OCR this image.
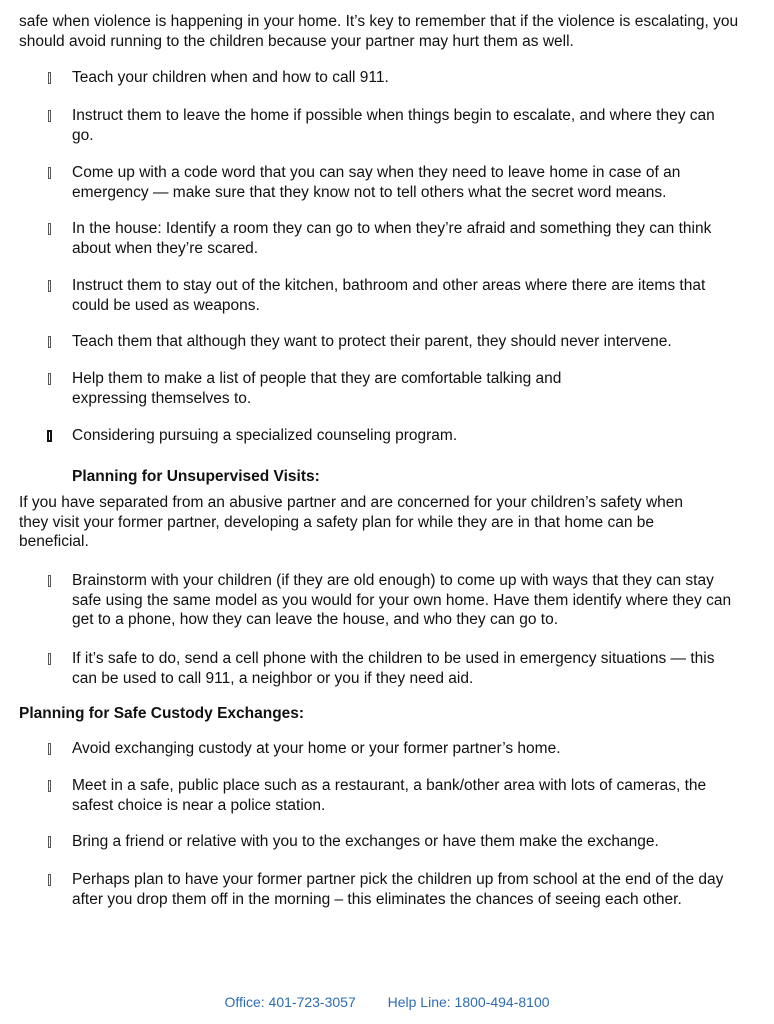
safe when violence is happening in your home. It’s key to remember that if the violence is escalating, you should avoid running to the children because your partner may hurt them as well.
Teach your children when and how to call 911.
Instruct them to leave the home if possible when things begin to escalate, and where they can go.
Come up with a code word that you can say when they need to leave home in case of an emergency — make sure that they know not to tell others what the secret word means.
In the house: Identify a room they can go to when they’re afraid and something they can think about when they’re scared.
Instruct them to stay out of the kitchen, bathroom and other areas where there are items that could be used as weapons.
Teach them that although they want to protect their parent, they should never intervene.
Help them to make a list of people that they are comfortable talking and expressing themselves to.
Considering pursuing a specialized counseling program.
Planning for Unsupervised Visits:
If you have separated from an abusive partner and are concerned for your children’s safety when they visit your former partner, developing a safety plan for while they are in that home can be beneficial.
Brainstorm with your children (if they are old enough) to come up with ways that they can stay safe using the same model as you would for your own home. Have them identify where they can get to a phone, how they can leave the house, and who they can go to.
If it’s safe to do, send a cell phone with the children to be used in emergency situations — this can be used to call 911, a neighbor or you if they need aid.
Planning for Safe Custody Exchanges:
Avoid exchanging custody at your home or your former partner’s home.
Meet in a safe, public place such as a restaurant, a bank/other area with lots of cameras, the safest choice is near a police station.
Bring a friend or relative with you to the exchanges or have them make the exchange.
Perhaps plan to have your former partner pick the children up from school at the end of the day after you drop them off in the morning – this eliminates the chances of seeing each other.
Office: 401-723-3057 Help Line: 1800-494-8100
